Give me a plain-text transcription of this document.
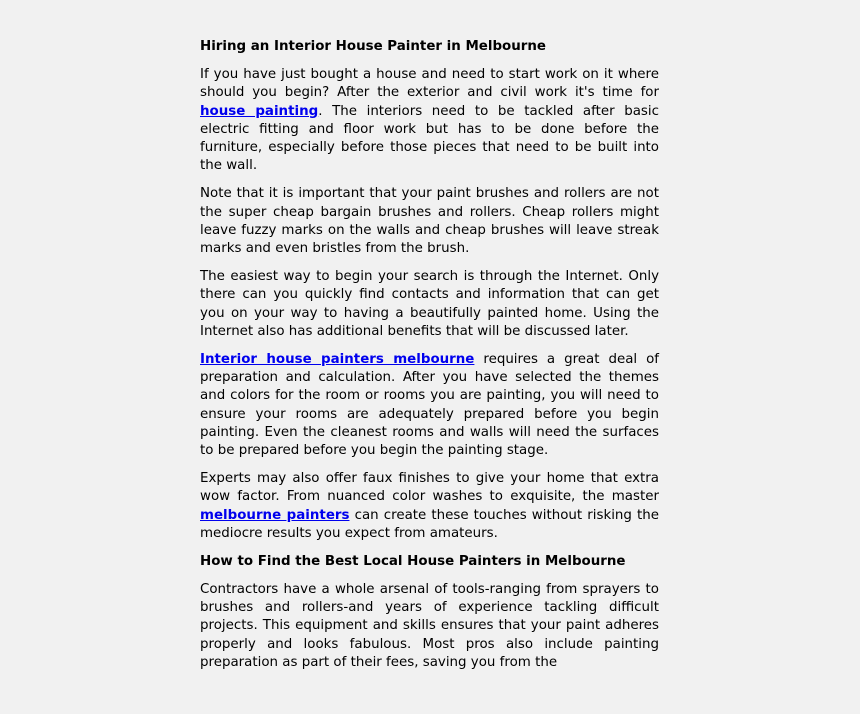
Hiring an Interior House Painter in Melbourne

If you have just bought a house and need to start work on it where should you begin? After the exterior and civil work it's time for house painting. The interiors need to be tackled after basic electric fitting and floor work but has to be done before the furniture, especially before those pieces that need to be built into the wall.

Note that it is important that your paint brushes and rollers are not the super cheap bargain brushes and rollers. Cheap rollers might leave fuzzy marks on the walls and cheap brushes will leave streak marks and even bristles from the brush.

The easiest way to begin your search is through the Internet. Only there can you quickly find contacts and information that can get you on your way to having a beautifully painted home. Using the Internet also has additional benefits that will be discussed later.

Interior house painters melbourne requires a great deal of preparation and calculation. After you have selected the themes and colors for the room or rooms you are painting, you will need to ensure your rooms are adequately prepared before you begin painting. Even the cleanest rooms and walls will need the surfaces to be prepared before you begin the painting stage.

Experts may also offer faux finishes to give your home that extra wow factor. From nuanced color washes to exquisite, the master melbourne painters can create these touches without risking the mediocre results you expect from amateurs.

How to Find the Best Local House Painters in Melbourne

Contractors have a whole arsenal of tools-ranging from sprayers to brushes and rollers-and years of experience tackling difficult projects. This equipment and skills ensures that your paint adheres properly and looks fabulous. Most pros also include painting preparation as part of their fees, saving you from the
